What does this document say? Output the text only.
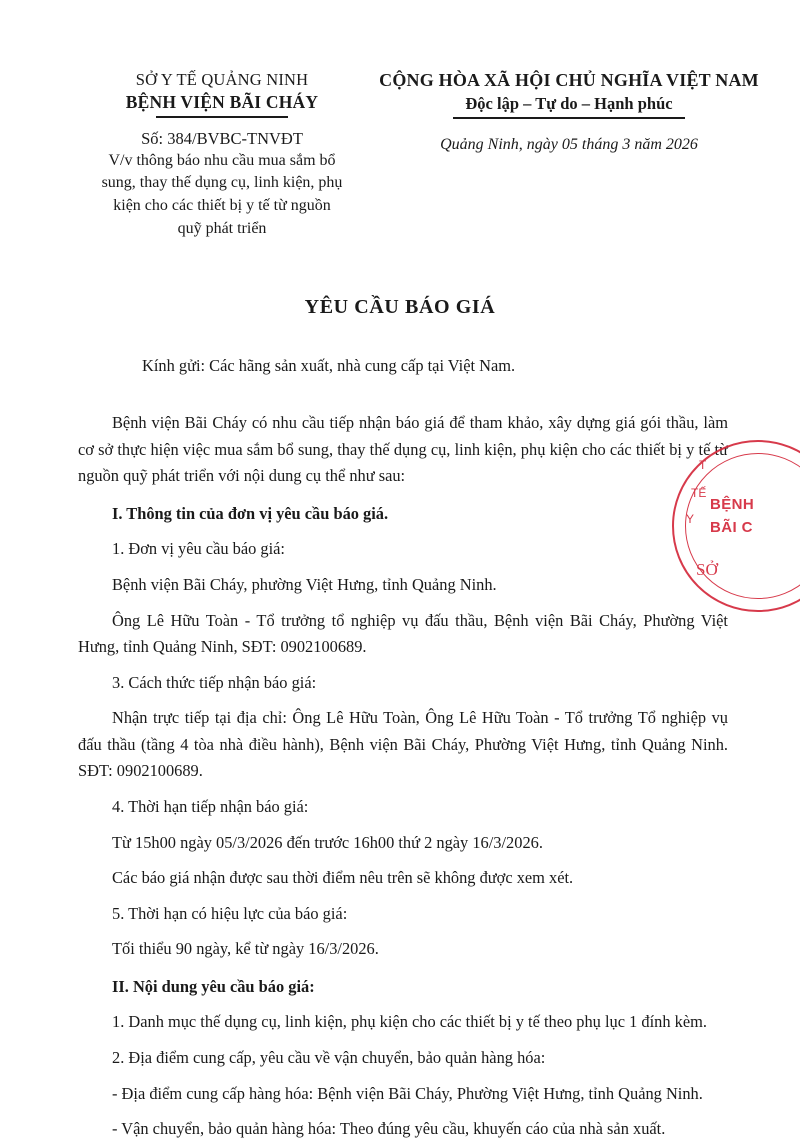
SỞ Y TẾ QUẢNG NINH
BỆNH VIỆN BÃI CHÁY
Số: 384/BVBC-TNVĐT
V/v thông báo nhu cầu mua sắm bổ sung, thay thế dụng cụ, linh kiện, phụ kiện cho các thiết bị y tế từ nguồn quỹ phát triển
CỘNG HÒA XÃ HỘI CHỦ NGHĨA VIỆT NAM
Độc lập – Tự do – Hạnh phúc
Quảng Ninh, ngày 05 tháng 3 năm 2026
YÊU CẦU BÁO GIÁ
Kính gửi: Các hãng sản xuất, nhà cung cấp tại Việt Nam.
Bệnh viện Bãi Cháy có nhu cầu tiếp nhận báo giá để tham khảo, xây dựng giá gói thầu, làm cơ sở thực hiện việc mua sắm bổ sung, thay thế dụng cụ, linh kiện, phụ kiện cho các thiết bị y tế từ nguồn quỹ phát triển với nội dung cụ thể như sau:
I. Thông tin của đơn vị yêu cầu báo giá.
1. Đơn vị yêu cầu báo giá:
Bệnh viện Bãi Cháy, phường Việt Hưng, tỉnh Quảng Ninh.
Ông Lê Hữu Toàn - Tổ trưởng tổ nghiệp vụ đấu thầu, Bệnh viện Bãi Cháy, Phường Việt Hưng, tỉnh Quảng Ninh, SĐT: 0902100689.
3. Cách thức tiếp nhận báo giá:
Nhận trực tiếp tại địa chỉ: Ông Lê Hữu Toàn, Ông Lê Hữu Toàn - Tổ trưởng Tổ nghiệp vụ đấu thầu (tầng 4 tòa nhà điều hành), Bệnh viện Bãi Cháy, Phường Việt Hưng, tỉnh Quảng Ninh. SĐT: 0902100689.
4. Thời hạn tiếp nhận báo giá:
Từ 15h00 ngày 05/3/2026 đến trước 16h00 thứ 2 ngày 16/3/2026.
Các báo giá nhận được sau thời điểm nêu trên sẽ không được xem xét.
5. Thời hạn có hiệu lực của báo giá:
Tối thiểu 90 ngày, kể từ ngày 16/3/2026.
II. Nội dung yêu cầu báo giá:
1. Danh mục thế dụng cụ, linh kiện, phụ kiện cho các thiết bị y tế theo phụ lục 1 đính kèm.
2. Địa điểm cung cấp, yêu cầu về vận chuyển, bảo quản hàng hóa:
- Địa điểm cung cấp hàng hóa: Bệnh viện Bãi Cháy, Phường Việt Hưng, tỉnh Quảng Ninh.
- Vận chuyển, bảo quản hàng hóa: Theo đúng yêu cầu, khuyến cáo của nhà sản xuất.
T
TẾ
Y
BỆNH
BÃI C
SỞ
